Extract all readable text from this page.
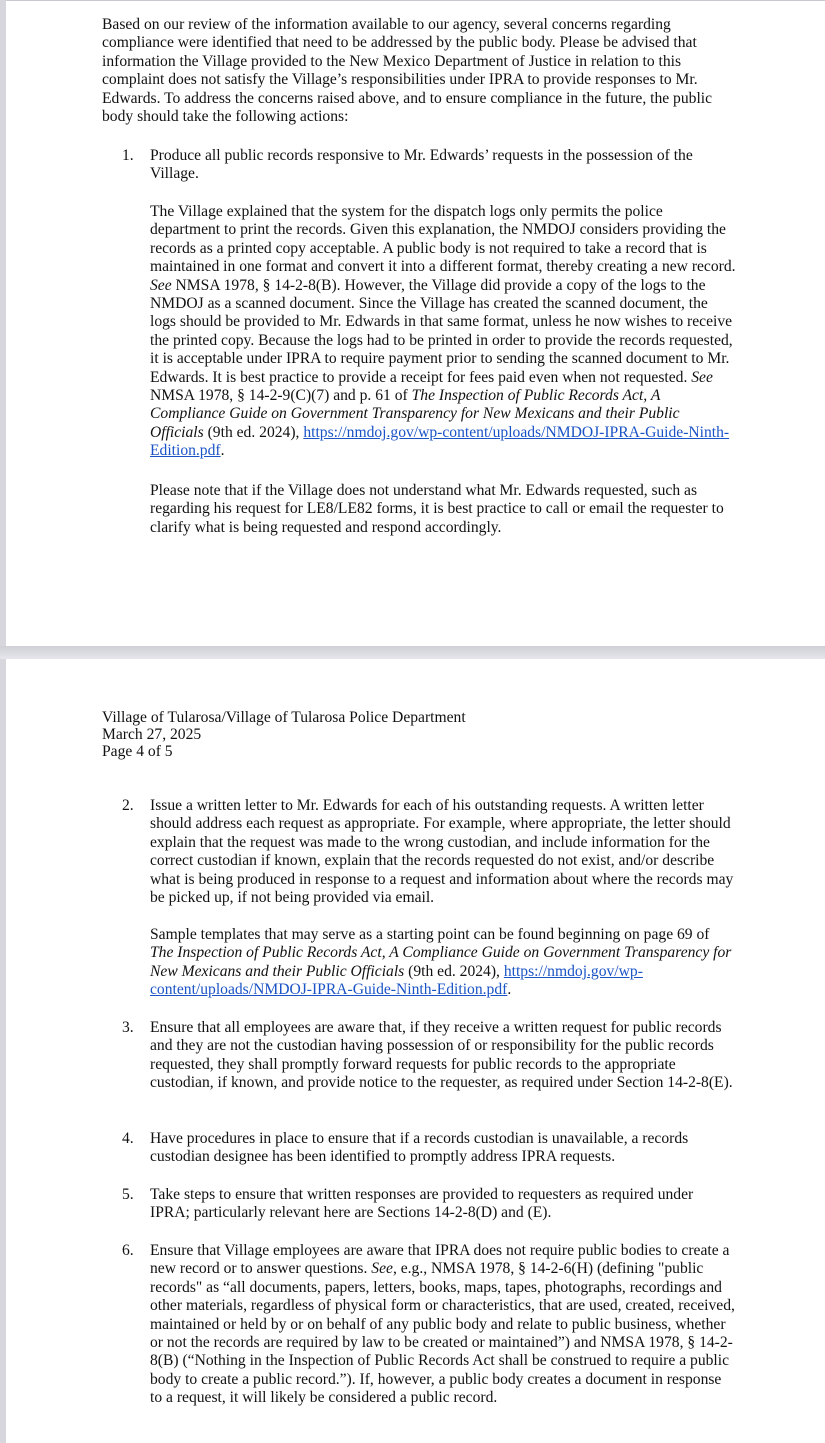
Based on our review of the information available to our agency, several concerns regarding compliance were identified that need to be addressed by the public body. Please be advised that information the Village provided to the New Mexico Department of Justice in relation to this complaint does not satisfy the Village’s responsibilities under IPRA to provide responses to Mr. Edwards. To address the concerns raised above, and to ensure compliance in the future, the public body should take the following actions:

1.	Produce all public records responsive to Mr. Edwards’ requests in the possession of the Village.

The Village explained that the system for the dispatch logs only permits the police department to print the records. Given this explanation, the NMDOJ considers providing the records as a printed copy acceptable. A public body is not required to take a record that is maintained in one format and convert it into a different format, thereby creating a new record. See NMSA 1978, § 14-2-8(B). However, the Village did provide a copy of the logs to the NMDOJ as a scanned document. Since the Village has created the scanned document, the logs should be provided to Mr. Edwards in that same format, unless he now wishes to receive the printed copy. Because the logs had to be printed in order to provide the records requested, it is acceptable under IPRA to require payment prior to sending the scanned document to Mr. Edwards. It is best practice to provide a receipt for fees paid even when not requested. See NMSA 1978, § 14-2-9(C)(7) and p. 61 of The Inspection of Public Records Act, A Compliance Guide on Government Transparency for New Mexicans and their Public Officials (9th ed. 2024), https://nmdoj.gov/wp-content/uploads/NMDOJ-IPRA-Guide-Ninth-Edition.pdf.

Please note that if the Village does not understand what Mr. Edwards requested, such as regarding his request for LE8/LE82 forms, it is best practice to call or email the requester to clarify what is being requested and respond accordingly.

Village of Tularosa/Village of Tularosa Police Department

March 27, 2025

Page 4 of 5

2.	Issue a written letter to Mr. Edwards for each of his outstanding requests. A written letter should address each request as appropriate. For example, where appropriate, the letter should explain that the request was made to the wrong custodian, and include information for the correct custodian if known, explain that the records requested do not exist, and/or describe what is being produced in response to a request and information about where the records may be picked up, if not being provided via email.

Sample templates that may serve as a starting point can be found beginning on page 69 of The Inspection of Public Records Act, A Compliance Guide on Government Transparency for New Mexicans and their Public Officials (9th ed. 2024), https://nmdoj.gov/wp-content/uploads/NMDOJ-IPRA-Guide-Ninth-Edition.pdf.

3.	Ensure that all employees are aware that, if they receive a written request for public records and they are not the custodian having possession of or responsibility for the public records requested, they shall promptly forward requests for public records to the appropriate custodian, if known, and provide notice to the requester, as required under Section 14-2-8(E).
4.	Have procedures in place to ensure that if a records custodian is unavailable, a records custodian designee has been identified to promptly address IPRA requests.
5.	Take steps to ensure that written responses are provided to requesters as required under IPRA; particularly relevant here are Sections 14-2-8(D) and (E).
6.	Ensure that Village employees are aware that IPRA does not require public bodies to create a new record or to answer questions. See, e.g., NMSA 1978, § 14-2-6(H) (defining "public records" as “all documents, papers, letters, books, maps, tapes, photographs, recordings and other materials, regardless of physical form or characteristics, that are used, created, received, maintained or held by or on behalf of any public body and relate to public business, whether or not the records are required by law to be created or maintained”) and NMSA 1978, § 14-2-8(B) (“Nothing in the Inspection of Public Records Act shall be construed to require a public body to create a public record.”). If, however, a public body creates a document in response to a request, it will likely be considered a public record.
